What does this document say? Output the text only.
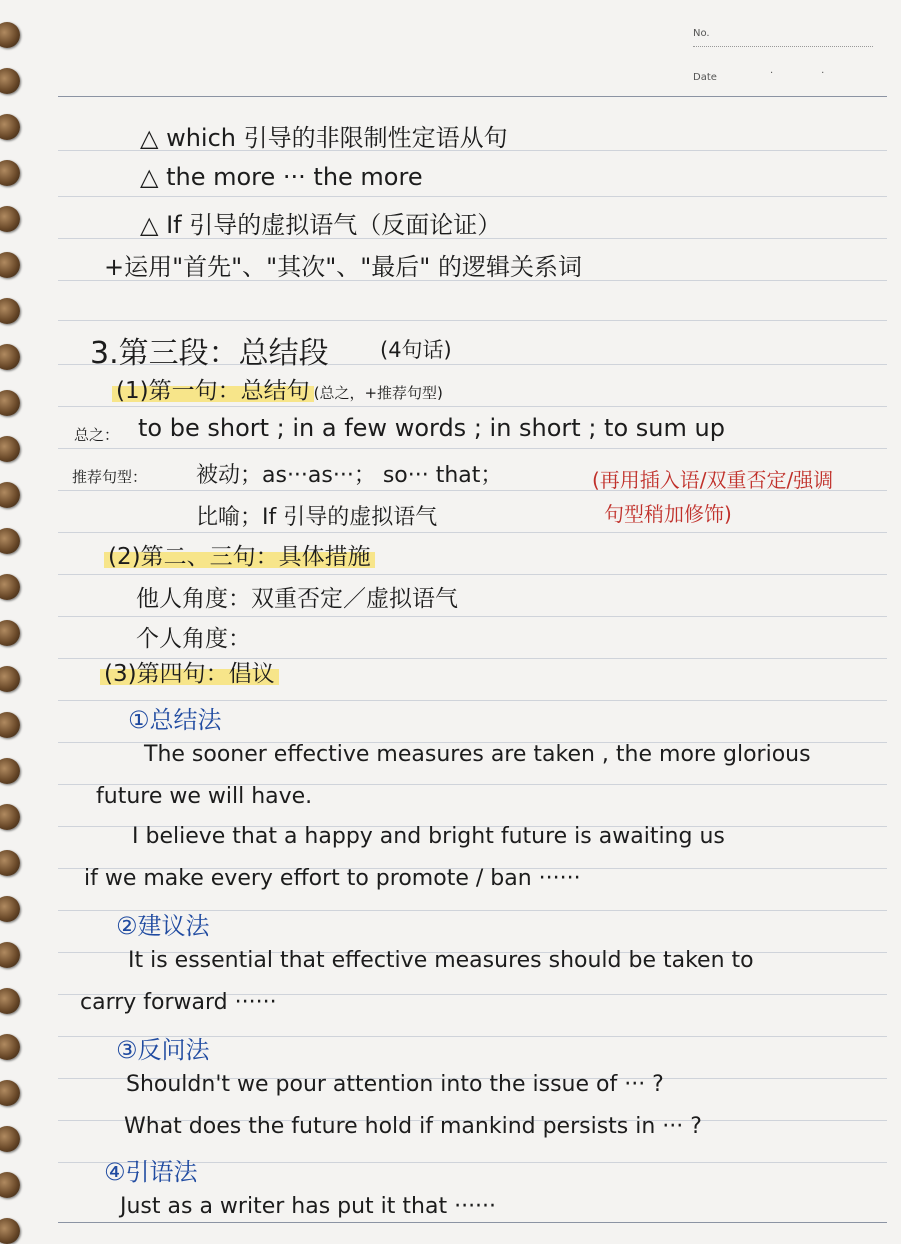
No.
Date	··
△ which 引导的非限制性定语从句
△ the more ··· the more
△ If 引导的虚拟语气（反面论证）
+运用"首先"、"其次"、"最后" 的逻辑关系词
3.第三段：总结段 (4句话)
(1)第一句：总结句 (总之，+推荐句型)
总之： to be short ; in a few words ; in short ; to sum up
推荐句型： 被动；as···as···； so··· that；
比喻；If 引导的虚拟语气
(再用插入语/双重否定/强调
句型稍加修饰)
(2)第二、三句：具体措施
他人角度：双重否定／虚拟语气
个人角度：
(3)第四句：倡议
①总结法
The sooner effective measures are taken , the more glorious
future we will have.
I believe that a happy and bright future is awaiting us
if we make every effort to promote / ban ······
②建议法
It is essential that effective measures should be taken to
carry forward ······
③反问法
Shouldn't we pour attention into the issue of ··· ?
What does the future hold if mankind persists in ··· ?
④引语法
Just as a writer has put it that ······
